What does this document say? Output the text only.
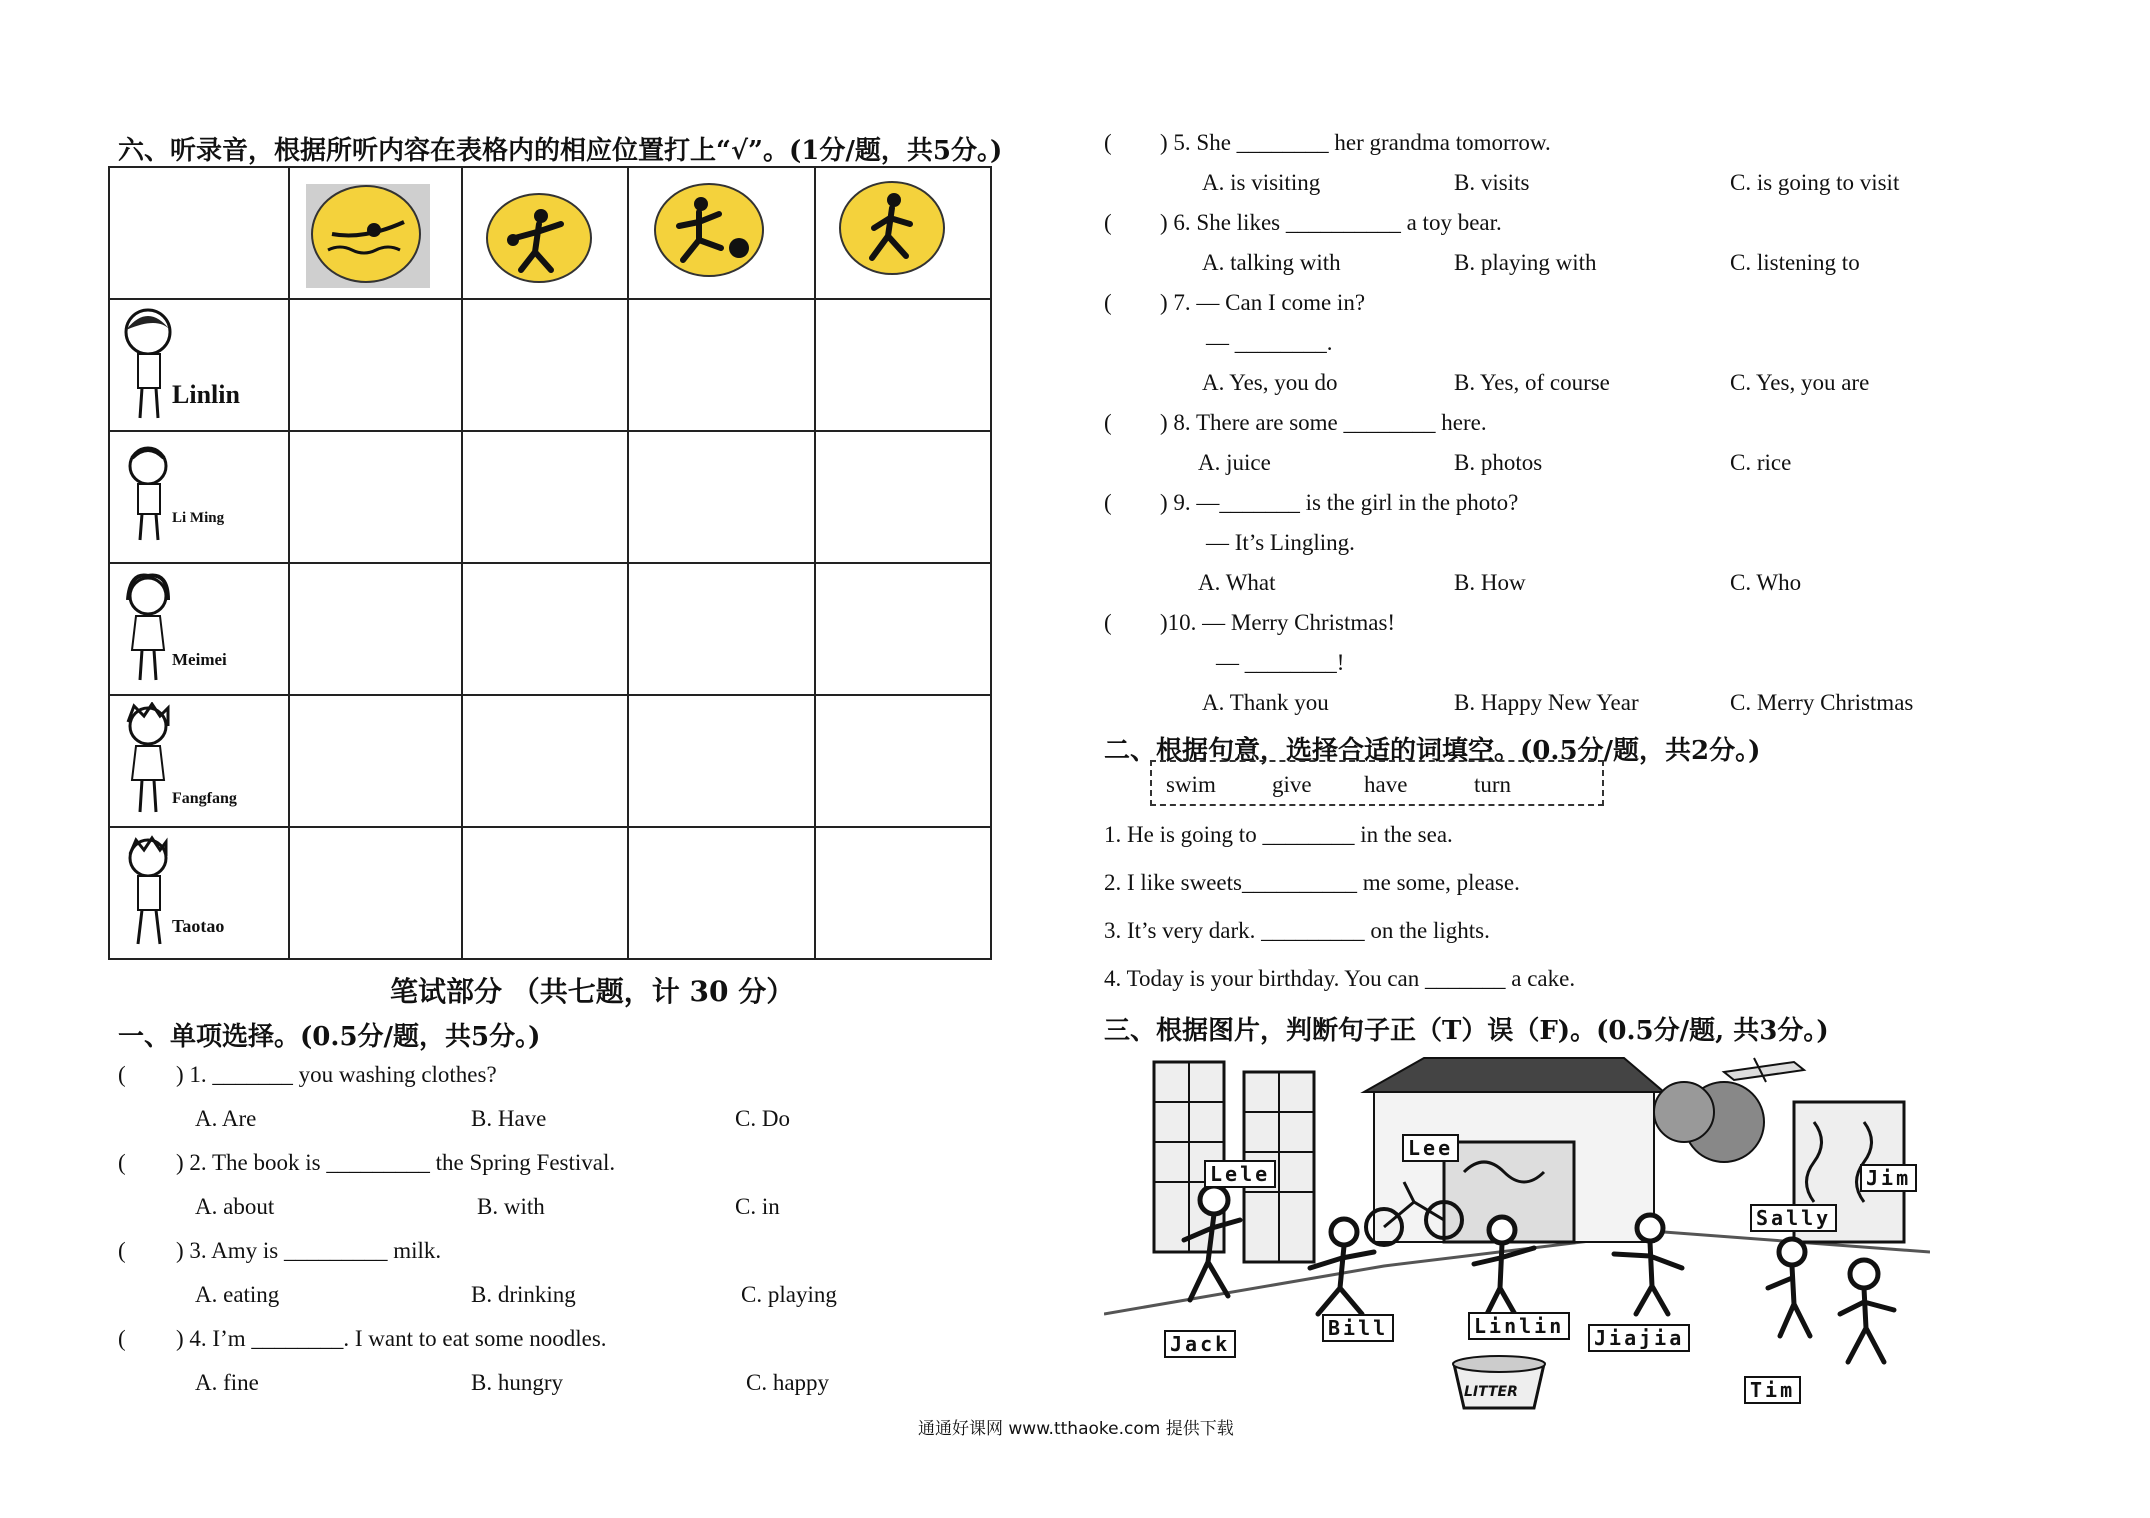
六、听录音，根据所听内容在表格内的相应位置打上“√”。(1分/题，共5分。)

Linlin				

Li Ming				

Meimei				

Fangfang				

Taotao				

笔试部分 （共七题，计 30 分）
一、单项选择。(0.5分/题，共5分。)
( ) 1. _______ you washing clothes?
A. Are	B. Have	C. Do
( ) 2. The book is _________ the Spring Festival.
A. about	B. with	C. in
( ) 3. Amy is _________ milk.
A. eating	B. drinking	C. playing
( ) 4. I’m ________. I want to eat some noodles.
A. fine	B. hungry	C. happy
( ) 5. She ________ her grandma tomorrow.
A. is visiting	B. visits	C. is going to visit
( ) 6. She likes __________ a toy bear.
A. talking with	B. playing with	C. listening to
( ) 7. — Can I come in?
— ________.
A. Yes, you do	B. Yes, of course	C. Yes, you are
( ) 8. There are some ________ here.
A. juice	B. photos	C. rice
( ) 9. —_______ is the girl in the photo?
— It’s Lingling.
A. What	B. How	C. Who
( )10. — Merry Christmas!
— ________!
A. Thank you	B. Happy New Year	C. Merry Christmas
二、根据句意，选择合适的词填空。(0.5分/题，共2分。)
swim give have	turn
1. He is going to ________ in the sea.
2. I like sweets__________ me some, please.
3. It’s very dark. _________ on the lights.
4. Today is your birthday. You can _______ a cake.
三、根据图片，判断句子正（T）误（F)。(0.5分/题, 共3分。)
Lee
Lele	Jim
Sally
Jack
Bill	Linlin	Jiajia
Tim
LITTER
通通好课网 www.tthaoke.com 提供下载
